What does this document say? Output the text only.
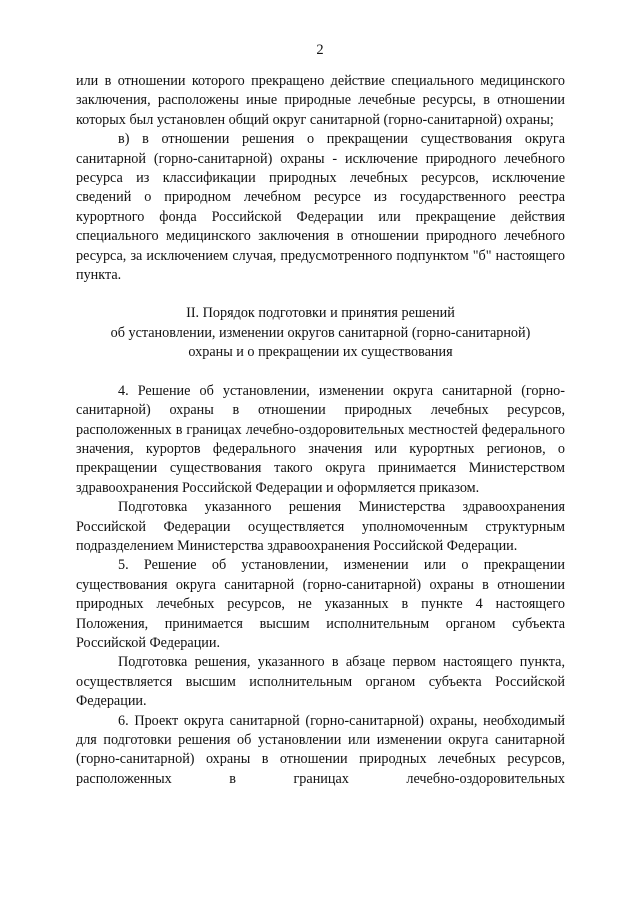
2

или в отношении которого прекращено действие специального медицинского заключения, расположены иные природные лечебные ресурсы, в отношении которых был установлен общий округ санитарной (горно-санитарной) охраны;

в) в отношении решения о прекращении существования округа санитарной (горно-санитарной) охраны - исключение природного лечебного ресурса из классификации природных лечебных ресурсов, исключение сведений о природном лечебном ресурсе из государственного реестра курортного фонда Российской Федерации или прекращение действия специального медицинского заключения в отношении природного лечебного ресурса, за исключением случая, предусмотренного подпунктом "б" настоящего пункта.

II. Порядок подготовки и принятия решений
об установлении, изменении округов санитарной (горно-санитарной)
охраны и о прекращении их существования

4. Решение об установлении, изменении округа санитарной (горно-санитарной) охраны в отношении природных лечебных ресурсов, расположенных в границах лечебно-оздоровительных местностей федерального значения, курортов федерального значения или курортных регионов, о прекращении существования такого округа принимается Министерством здравоохранения Российской Федерации и оформляется приказом.

Подготовка указанного решения Министерства здравоохранения Российской Федерации осуществляется уполномоченным структурным подразделением Министерства здравоохранения Российской Федерации.

5. Решение об установлении, изменении или о прекращении существования округа санитарной (горно-санитарной) охраны в отношении природных лечебных ресурсов, не указанных в пункте 4 настоящего Положения, принимается высшим исполнительным органом субъекта Российской Федерации.

Подготовка решения, указанного в абзаце первом настоящего пункта, осуществляется высшим исполнительным органом субъекта Российской Федерации.

6. Проект округа санитарной (горно-санитарной) охраны, необходимый для подготовки решения об установлении или изменении округа санитарной (горно-санитарной) охраны в отношении природных лечебных ресурсов, расположенных в границах лечебно-оздоровительных
